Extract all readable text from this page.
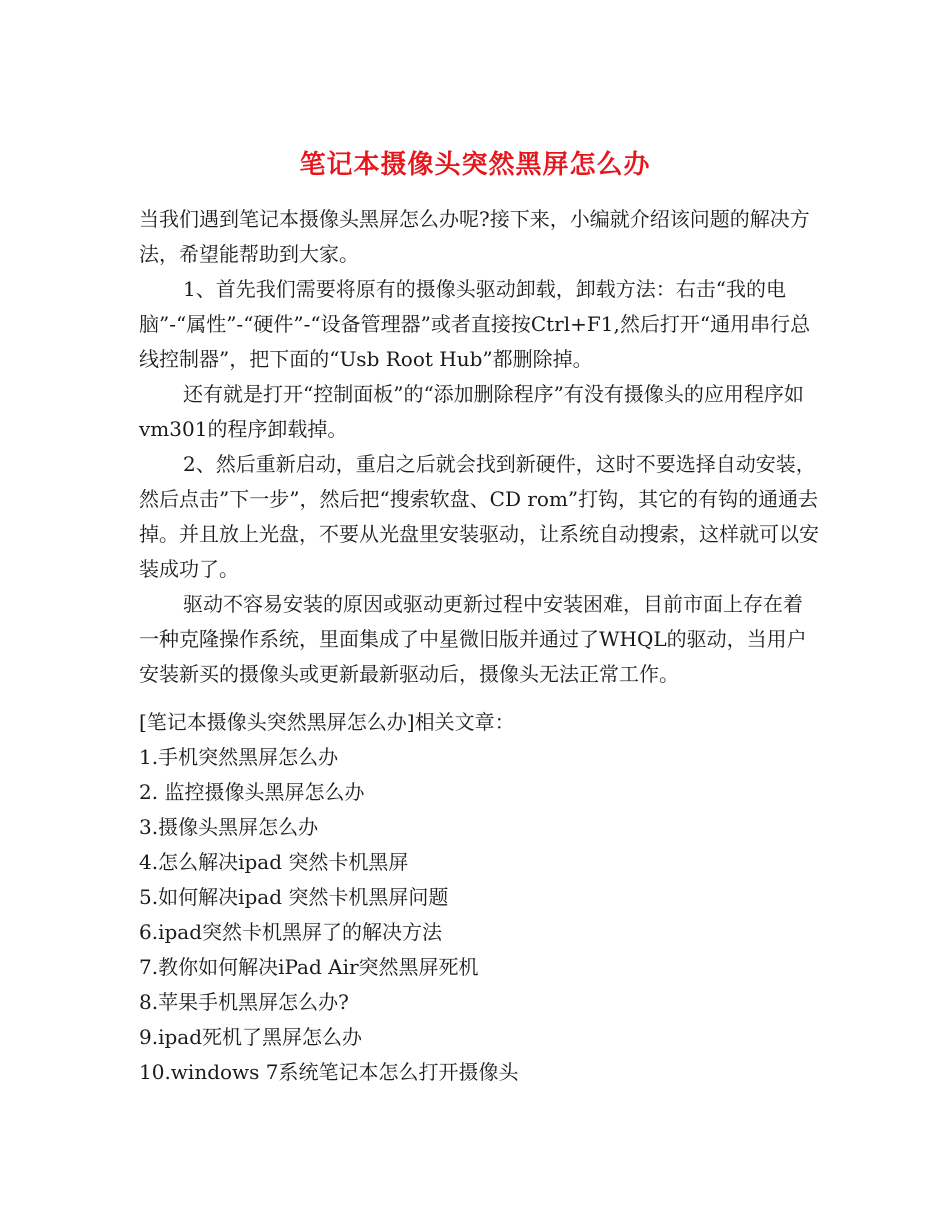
笔记本摄像头突然黑屏怎么办

当我们遇到笔记本摄像头黑屏怎么办呢?接下来，小编就介绍该问题的解决方法，希望能帮助到大家。

1、首先我们需要将原有的摄像头驱动卸载，卸载方法：右击“我的电脑”-“属性”-“硬件”-“设备管理器”或者直接按Ctrl+F1,然后打开“通用串行总线控制器”，把下面的“Usb Root Hub”都删除掉。

还有就是打开“控制面板”的“添加删除程序”有没有摄像头的应用程序如vm301的程序卸载掉。

2、然后重新启动，重启之后就会找到新硬件，这时不要选择自动安装，然后点击”下一步”，然后把“搜索软盘、CD rom”打钩，其它的有钩的通通去掉。并且放上光盘，不要从光盘里安装驱动，让系统自动搜索，这样就可以安装成功了。

驱动不容易安装的原因或驱动更新过程中安装困难，目前市面上存在着一种克隆操作系统，里面集成了中星微旧版并通过了WHQL的驱动，当用户安装新买的摄像头或更新最新驱动后，摄像头无法正常工作。

[笔记本摄像头突然黑屏怎么办]相关文章：

1.手机突然黑屏怎么办
2. 监控摄像头黑屏怎么办
3.摄像头黑屏怎么办
4.怎么解决ipad 突然卡机黑屏
5.如何解决ipad 突然卡机黑屏问题
6.ipad突然卡机黑屏了的解决方法
7.教你如何解决iPad Air突然黑屏死机
8.苹果手机黑屏怎么办?
9.ipad死机了黑屏怎么办
10.windows 7系统笔记本怎么打开摄像头
